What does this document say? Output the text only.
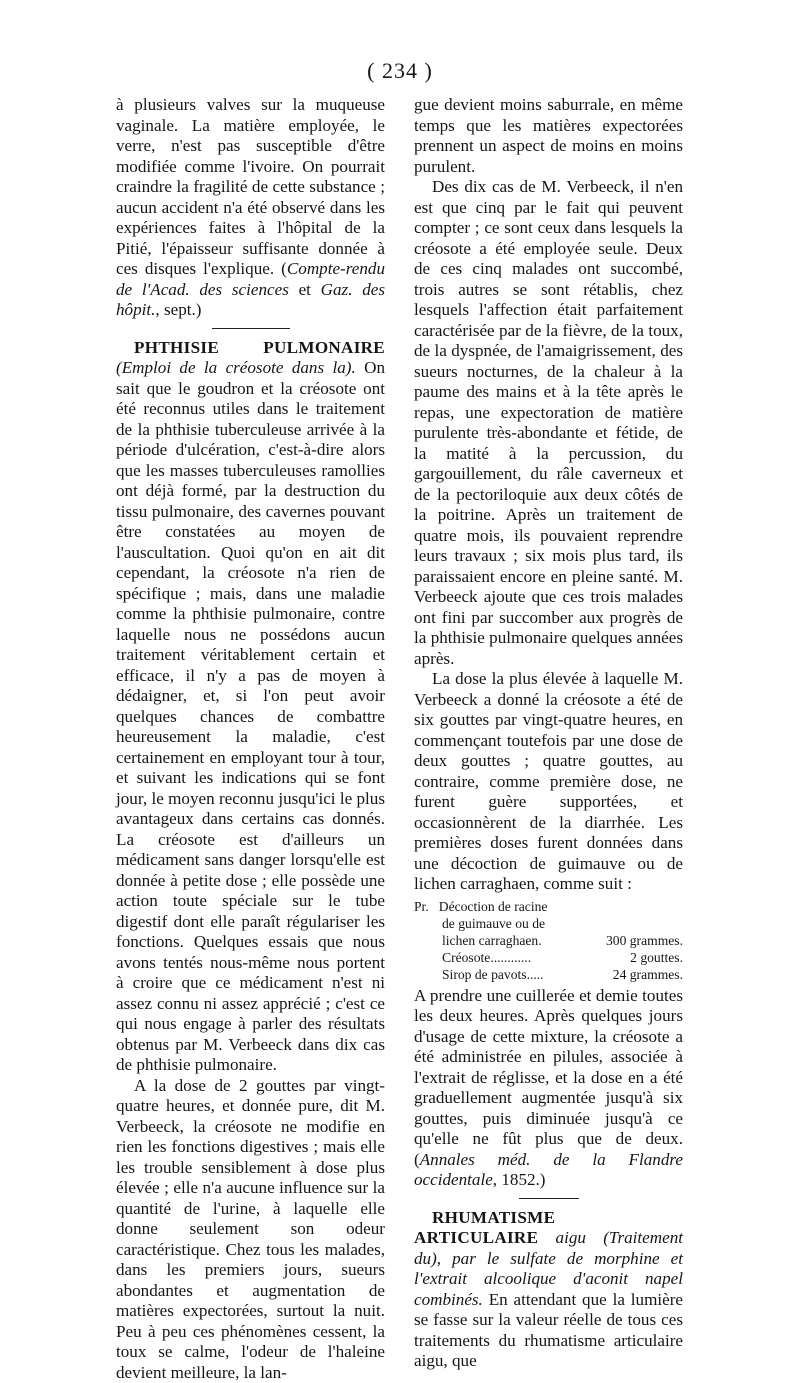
( 234 )

à plusieurs valves sur la muqueuse vaginale. La matière employée, le verre, n'est pas susceptible d'être modifiée comme l'ivoire. On pourrait craindre la fragilité de cette substance ; aucun accident n'a été observé dans les expériences faites à l'hôpital de la Pitié, l'épaisseur suffisante donnée à ces disques l'explique. (Compte-rendu de l'Acad. des sciences et Gaz. des hôpit., sept.)

PHTHISIE PULMONAIRE (Emploi de la créosote dans la). On sait que le goudron et la créosote ont été reconnus utiles dans le traitement de la phthisie tuberculeuse arrivée à la période d'ulcération, c'est-à-dire alors que les masses tuberculeuses ramollies ont déjà formé, par la destruction du tissu pulmonaire, des cavernes pouvant être constatées au moyen de l'auscultation. Quoi qu'on en ait dit cependant, la créosote n'a rien de spécifique ; mais, dans une maladie comme la phthisie pulmonaire, contre laquelle nous ne possédons aucun traitement véritablement certain et efficace, il n'y a pas de moyen à dédaigner, et, si l'on peut avoir quelques chances de combattre heureusement la maladie, c'est certainement en employant tour à tour, et suivant les indications qui se font jour, le moyen reconnu jusqu'ici le plus avantageux dans certains cas donnés. La créosote est d'ailleurs un médicament sans danger lorsqu'elle est donnée à petite dose ; elle possède une action toute spéciale sur le tube digestif dont elle paraît régulariser les fonctions. Quelques essais que nous avons tentés nous-même nous portent à croire que ce médicament n'est ni assez connu ni assez apprécié ; c'est ce qui nous engage à parler des résultats obtenus par M. Verbeeck dans dix cas de phthisie pulmonaire.

A la dose de 2 gouttes par vingt-quatre heures, et donnée pure, dit M. Verbeeck, la créosote ne modifie en rien les fonctions digestives ; mais elle les trouble sensiblement à dose plus élevée ; elle n'a aucune influence sur la quantité de l'urine, à laquelle elle donne seulement son odeur caractéristique. Chez tous les malades, dans les premiers jours, sueurs abondantes et augmentation de matières expectorées, surtout la nuit. Peu à peu ces phénomènes cessent, la toux se calme, l'odeur de l'haleine devient meilleure, la lan-

gue devient moins saburrale, en même temps que les matières expectorées prennent un aspect de moins en moins purulent.

Des dix cas de M. Verbeeck, il n'en est que cinq par le fait qui peuvent compter ; ce sont ceux dans lesquels la créosote a été employée seule. Deux de ces cinq malades ont succombé, trois autres se sont rétablis, chez lesquels l'affection était parfaitement caractérisée par de la fièvre, de la toux, de la dyspnée, de l'amaigrissement, des sueurs nocturnes, de la chaleur à la paume des mains et à la tête après le repas, une expectoration de matière purulente très-abondante et fétide, de la matité à la percussion, du gargouillement, du râle caverneux et de la pectoriloquie aux deux côtés de la poitrine. Après un traitement de quatre mois, ils pouvaient reprendre leurs travaux ; six mois plus tard, ils paraissaient encore en pleine santé. M. Verbeeck ajoute que ces trois malades ont fini par succomber aux progrès de la phthisie pulmonaire quelques années après.

La dose la plus élevée à laquelle M. Verbeeck a donné la créosote a été de six gouttes par vingt-quatre heures, en commençant toutefois par une dose de deux gouttes ; quatre gouttes, au contraire, comme première dose, ne furent guère supportées, et occasionnèrent de la diarrhée. Les premières doses furent données dans une décoction de guimauve ou de lichen carraghaen, comme suit :

Pr. Décoction de racine
de guimauve ou de
lichen carraghaen.	300 grammes.
Créosote............	2 gouttes.
Sirop de pavots.....	24 grammes.

A prendre une cuillerée et demie toutes les deux heures. Après quelques jours d'usage de cette mixture, la créosote a été administrée en pilules, associée à l'extrait de réglisse, et la dose en a été graduellement augmentée jusqu'à six gouttes, puis diminuée jusqu'à ce qu'elle ne fût plus que de deux. (Annales méd. de la Flandre occidentale, 1852.)

RHUMATISME ARTICULAIRE aigu (Traitement du), par le sulfate de morphine et l'extrait alcoolique d'aconit napel combinés. En attendant que la lumière se fasse sur la valeur réelle de tous ces traitements du rhumatisme articulaire aigu, que
